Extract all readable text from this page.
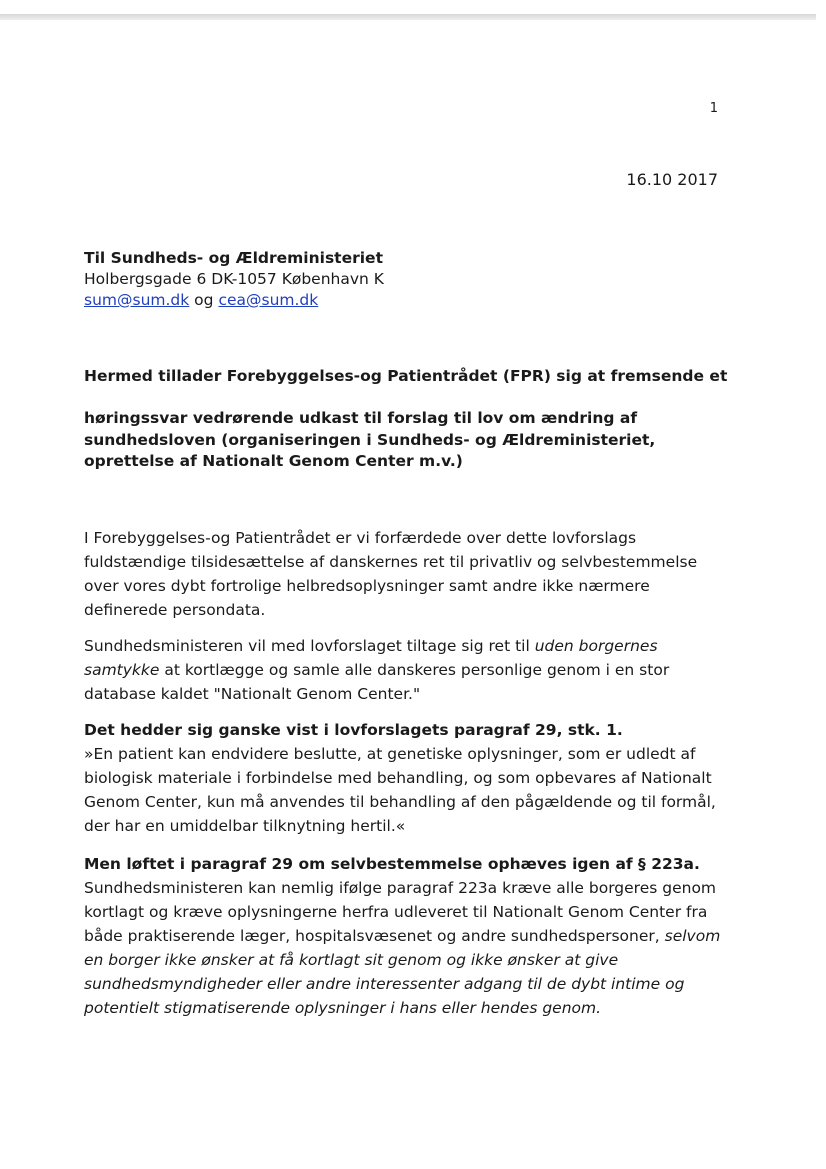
1
16.10 2017
Til Sundheds- og Ældreministeriet
Holbergsgade 6 DK-1057 København K
sum@sum.dk og cea@sum.dk
Hermed tillader Forebyggelses-og Patientrådet (FPR) sig at fremsende et
høringssvar vedrørende udkast til forslag til lov om ændring af sundhedsloven (organiseringen i Sundheds- og Ældreministeriet, oprettelse af Nationalt Genom Center m.v.)
I Forebyggelses-og Patientrådet er vi forfærdede over dette lovforslags fuldstændige tilsidesættelse af danskernes ret til privatliv og selvbestemmelse over vores dybt fortrolige helbredsoplysninger samt andre ikke nærmere definerede persondata.
Sundhedsministeren vil med lovforslaget tiltage sig ret til uden borgernes samtykke at kortlægge og samle alle danskeres personlige genom i en stor database kaldet "Nationalt Genom Center."
Det hedder sig ganske vist i lovforslagets paragraf 29, stk. 1.
»En patient kan endvidere beslutte, at genetiske oplysninger, som er udledt af biologisk materiale i forbindelse med behandling, og som opbevares af Nationalt Genom Center, kun må anvendes til behandling af den pågældende og til formål, der har en umiddelbar tilknytning hertil.«
Men løftet i paragraf 29 om selvbestemmelse ophæves igen af § 223a.
Sundhedsministeren kan nemlig ifølge paragraf 223a kræve alle borgeres genom kortlagt og kræve oplysningerne herfra udleveret til Nationalt Genom Center fra både praktiserende læger, hospitalsvæsenet og andre sundhedspersoner, selvom en borger ikke ønsker at få kortlagt sit genom og ikke ønsker at give sundhedsmyndigheder eller andre interessenter adgang til de dybt intime og potentielt stigmatiserende oplysninger i hans eller hendes genom.
